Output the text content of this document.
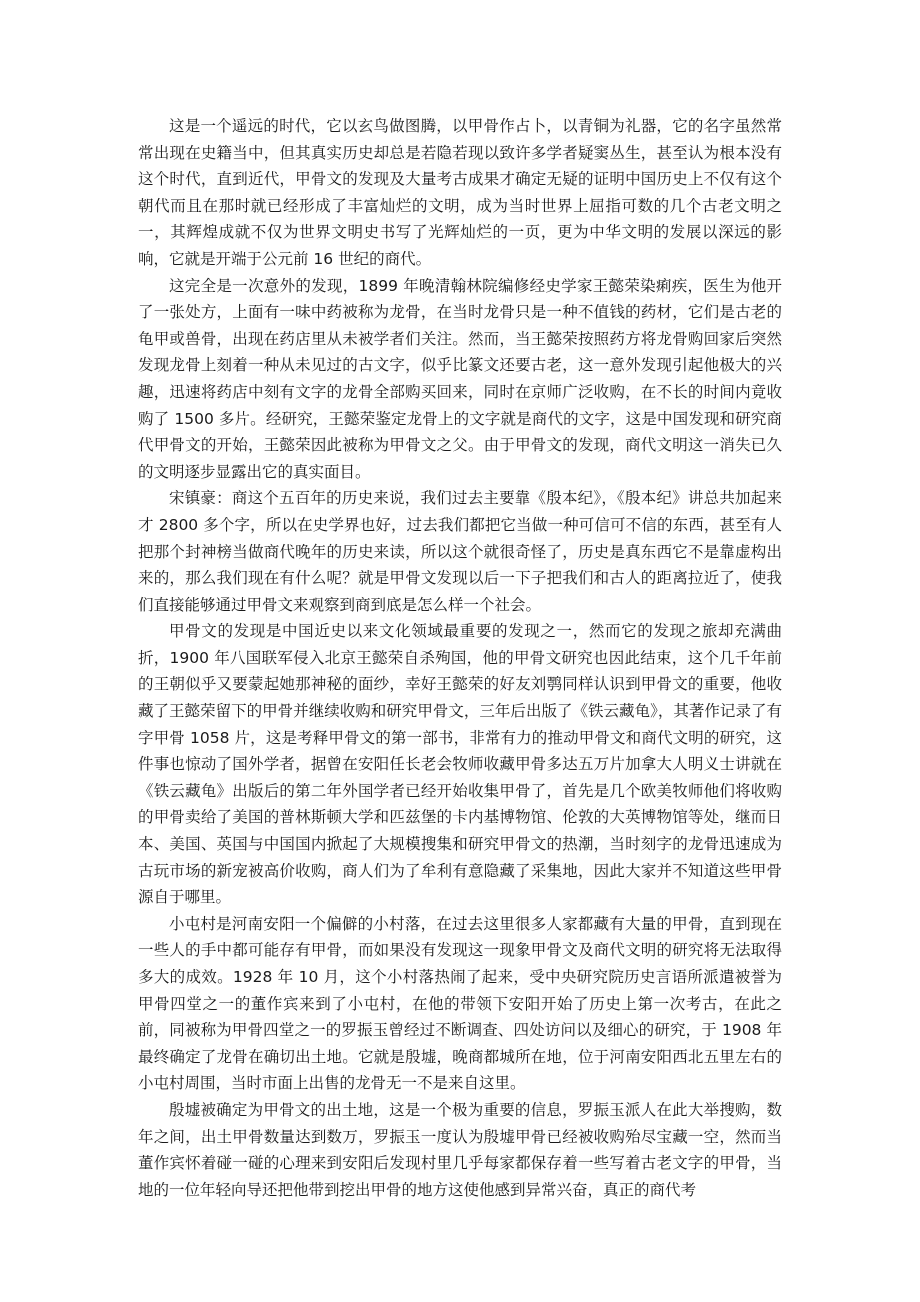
这是一个遥远的时代，它以玄鸟做图腾，以甲骨作占卜，以青铜为礼器，它的名字虽然常常出现在史籍当中，但其真实历史却总是若隐若现以致许多学者疑窦丛生，甚至认为根本没有这个时代，直到近代，甲骨文的发现及大量考古成果才确定无疑的证明中国历史上不仅有这个朝代而且在那时就已经形成了丰富灿烂的文明，成为当时世界上屈指可数的几个古老文明之一，其辉煌成就不仅为世界文明史书写了光辉灿烂的一页，更为中华文明的发展以深远的影响，它就是开端于公元前 16 世纪的商代。

这完全是一次意外的发现，1899 年晚清翰林院编修经史学家王懿荣染痢疾，医生为他开了一张处方，上面有一味中药被称为龙骨，在当时龙骨只是一种不值钱的药材，它们是古老的龟甲或兽骨，出现在药店里从未被学者们关注。然而，当王懿荣按照药方将龙骨购回家后突然发现龙骨上刻着一种从未见过的古文字，似乎比篆文还要古老，这一意外发现引起他极大的兴趣，迅速将药店中刻有文字的龙骨全部购买回来，同时在京师广泛收购，在不长的时间内竟收购了 1500 多片。经研究，王懿荣鉴定龙骨上的文字就是商代的文字，这是中国发现和研究商代甲骨文的开始，王懿荣因此被称为甲骨文之父。由于甲骨文的发现，商代文明这一消失已久的文明逐步显露出它的真实面目。

宋镇豪：商这个五百年的历史来说，我们过去主要靠《殷本纪》，《殷本纪》讲总共加起来才 2800 多个字，所以在史学界也好，过去我们都把它当做一种可信可不信的东西，甚至有人把那个封神榜当做商代晚年的历史来读，所以这个就很奇怪了，历史是真东西它不是靠虚构出来的，那么我们现在有什么呢？就是甲骨文发现以后一下子把我们和古人的距离拉近了，使我们直接能够通过甲骨文来观察到商到底是怎么样一个社会。

甲骨文的发现是中国近史以来文化领域最重要的发现之一，然而它的发现之旅却充满曲折，1900 年八国联军侵入北京王懿荣自杀殉国，他的甲骨文研究也因此结束，这个几千年前的王朝似乎又要蒙起她那神秘的面纱，幸好王懿荣的好友刘鹗同样认识到甲骨文的重要，他收藏了王懿荣留下的甲骨并继续收购和研究甲骨文，三年后出版了《铁云藏龟》，其著作记录了有字甲骨 1058 片，这是考释甲骨文的第一部书，非常有力的推动甲骨文和商代文明的研究，这件事也惊动了国外学者，据曾在安阳任长老会牧师收藏甲骨多达五万片加拿大人明义士讲就在《铁云藏龟》出版后的第二年外国学者已经开始收集甲骨了，首先是几个欧美牧师他们将收购的甲骨卖给了美国的普林斯顿大学和匹兹堡的卡内基博物馆、伦敦的大英博物馆等处，继而日本、美国、英国与中国国内掀起了大规模搜集和研究甲骨文的热潮，当时刻字的龙骨迅速成为古玩市场的新宠被高价收购，商人们为了牟利有意隐藏了采集地，因此大家并不知道这些甲骨源自于哪里。

小屯村是河南安阳一个偏僻的小村落，在过去这里很多人家都藏有大量的甲骨，直到现在一些人的手中都可能存有甲骨，而如果没有发现这一现象甲骨文及商代文明的研究将无法取得多大的成效。1928 年 10 月，这个小村落热闹了起来，受中央研究院历史言语所派遣被誉为甲骨四堂之一的董作宾来到了小屯村，在他的带领下安阳开始了历史上第一次考古，在此之前，同被称为甲骨四堂之一的罗振玉曾经过不断调查、四处访问以及细心的研究，于 1908 年最终确定了龙骨在确切出土地。它就是殷墟，晚商都城所在地，位于河南安阳西北五里左右的小屯村周围，当时市面上出售的龙骨无一不是来自这里。

殷墟被确定为甲骨文的出土地，这是一个极为重要的信息，罗振玉派人在此大举搜购，数年之间，出土甲骨数量达到数万，罗振玉一度认为殷墟甲骨已经被收购殆尽宝藏一空，然而当董作宾怀着碰一碰的心理来到安阳后发现村里几乎每家都保存着一些写着古老文字的甲骨，当地的一位年轻向导还把他带到挖出甲骨的地方这使他感到异常兴奋，真正的商代考
